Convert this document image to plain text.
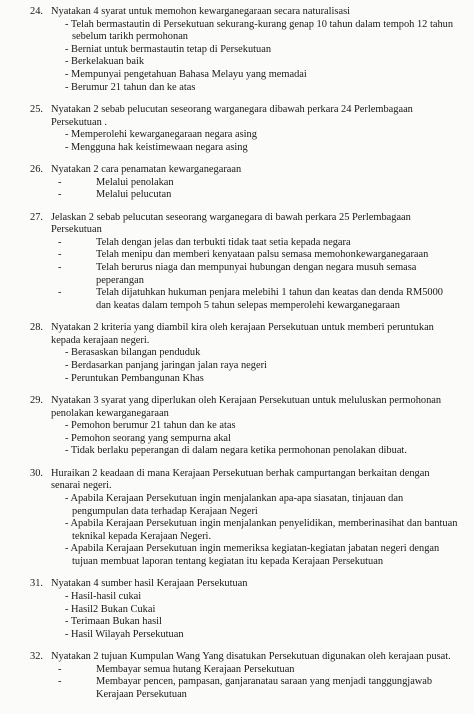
24. Nyatakan 4 syarat untuk memohon kewarganegaraan secara naturalisasi

- Telah bermastautin di Persekutuan sekurang-kurang genap 10 tahun dalam tempoh 12 tahun sebelum tarikh permohonan
- Berniat untuk bermastautin tetap di Persekutuan
- Berkelakuan baik
- Mempunyai pengetahuan Bahasa Melayu yang memadai
- Berumur 21 tahun dan ke atas
25. Nyatakan 2 sebab pelucutan seseorang warganegara dibawah perkara 24 Perlembagaan Persekutuan .

- Memperolehi kewarganegaraan negara asing
- Mengguna hak keistimewaan negara asing
26. Nyatakan 2 cara penamatan kewarganegaraan

-	Melalui penolakan
-	Melalui pelucutan
27. Jelaskan 2 sebab pelucutan seseorang warganegara di bawah perkara 25 Perlembagaan Persekutuan

-	Telah dengan jelas dan terbukti tidak taat setia kepada negara
-	Telah menipu dan memberi kenyataan palsu semasa memohonkewarganegaraan
-	Telah berurus niaga dan mempunyai hubungan dengan negara musuh semasa peperangan
-	Telah dijatuhkan hukuman penjara melebihi 1 tahun dan keatas dan denda RM5000 dan keatas dalam tempoh 5 tahun selepas memperolehi kewarganegaraan
28. Nyatakan 2 kriteria yang diambil kira oleh kerajaan Persekutuan untuk memberi peruntukan kepada kerajaan negeri.

- Berasaskan bilangan penduduk
- Berdasarkan panjang jaringan jalan raya negeri
- Peruntukan Pembangunan Khas
29. Nyatakan 3 syarat yang diperlukan oleh Kerajaan Persekutuan untuk meluluskan permohonan penolakan kewarganegaraan

- Pemohon berumur 21 tahun dan ke atas
- Pemohon seorang yang sempurna akal
- Tidak berlaku peperangan di dalam negara ketika permohonan penolakan dibuat.
30. Huraikan 2 keadaan di mana Kerajaan Persekutuan berhak campurtangan berkaitan dengan senarai negeri.

- Apabila Kerajaan Persekutuan ingin menjalankan apa-apa siasatan, tinjauan dan pengumpulan data terhadap Kerajaan Negeri
- Apabila Kerajaan Persekutuan ingin menjalankan penyelidikan, memberinasihat dan bantuan teknikal kepada Kerajaan Negeri.
- Apabila Kerajaan Persekutuan ingin memeriksa kegiatan-kegiatan jabatan negeri dengan tujuan membuat laporan tentang kegiatan itu kepada Kerajaan Persekutuan
31. Nyatakan 4 sumber hasil Kerajaan Persekutuan

- Hasil-hasil cukai
- Hasil2 Bukan Cukai
- Terimaan Bukan hasil
- Hasil Wilayah Persekutuan
32. Nyatakan 2 tujuan Kumpulan Wang Yang disatukan Persekutuan digunakan oleh kerajaan pusat.

-	Membayar semua hutang Kerajaan Persekutuan
-	Membayar pencen, pampasan, ganjaranatau saraan yang menjadi tanggungjawab Kerajaan Persekutuan
